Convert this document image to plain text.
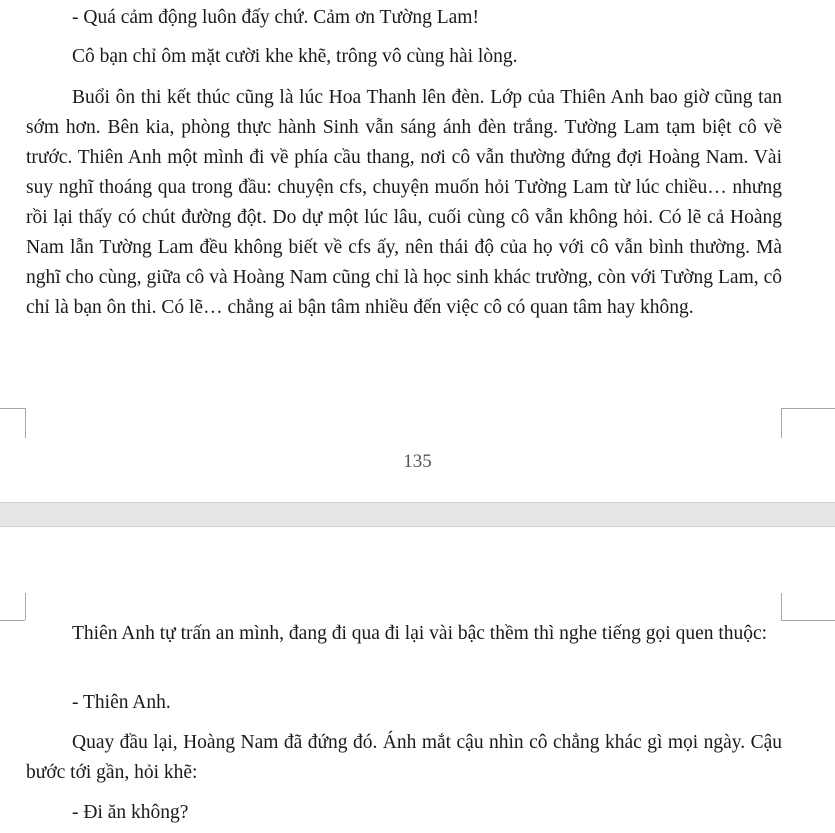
- Quá cảm động luôn đấy chứ. Cảm ơn Tường Lam!

Cô bạn chỉ ôm mặt cười khe khẽ, trông vô cùng hài lòng.

Buổi ôn thi kết thúc cũng là lúc Hoa Thanh lên đèn. Lớp của Thiên Anh bao giờ cũng tan sớm hơn. Bên kia, phòng thực hành Sinh vẫn sáng ánh đèn trắng. Tường Lam tạm biệt cô về trước. Thiên Anh một mình đi về phía cầu thang, nơi cô vẫn thường đứng đợi Hoàng Nam. Vài suy nghĩ thoáng qua trong đầu: chuyện cfs, chuyện muốn hỏi Tường Lam từ lúc chiều… nhưng rồi lại thấy có chút đường đột. Do dự một lúc lâu, cuối cùng cô vẫn không hỏi. Có lẽ cả Hoàng Nam lẫn Tường Lam đều không biết về cfs ấy, nên thái độ của họ với cô vẫn bình thường. Mà nghĩ cho cùng, giữa cô và Hoàng Nam cũng chỉ là học sinh khác trường, còn với Tường Lam, cô chỉ là bạn ôn thi. Có lẽ… chẳng ai bận tâm nhiều đến việc cô có quan tâm hay không.

135

Thiên Anh tự trấn an mình, đang đi qua đi lại vài bậc thềm thì nghe tiếng gọi quen thuộc:

- Thiên Anh.

Quay đầu lại, Hoàng Nam đã đứng đó. Ánh mắt cậu nhìn cô chẳng khác gì mọi ngày. Cậu bước tới gần, hỏi khẽ:

- Đi ăn không?
